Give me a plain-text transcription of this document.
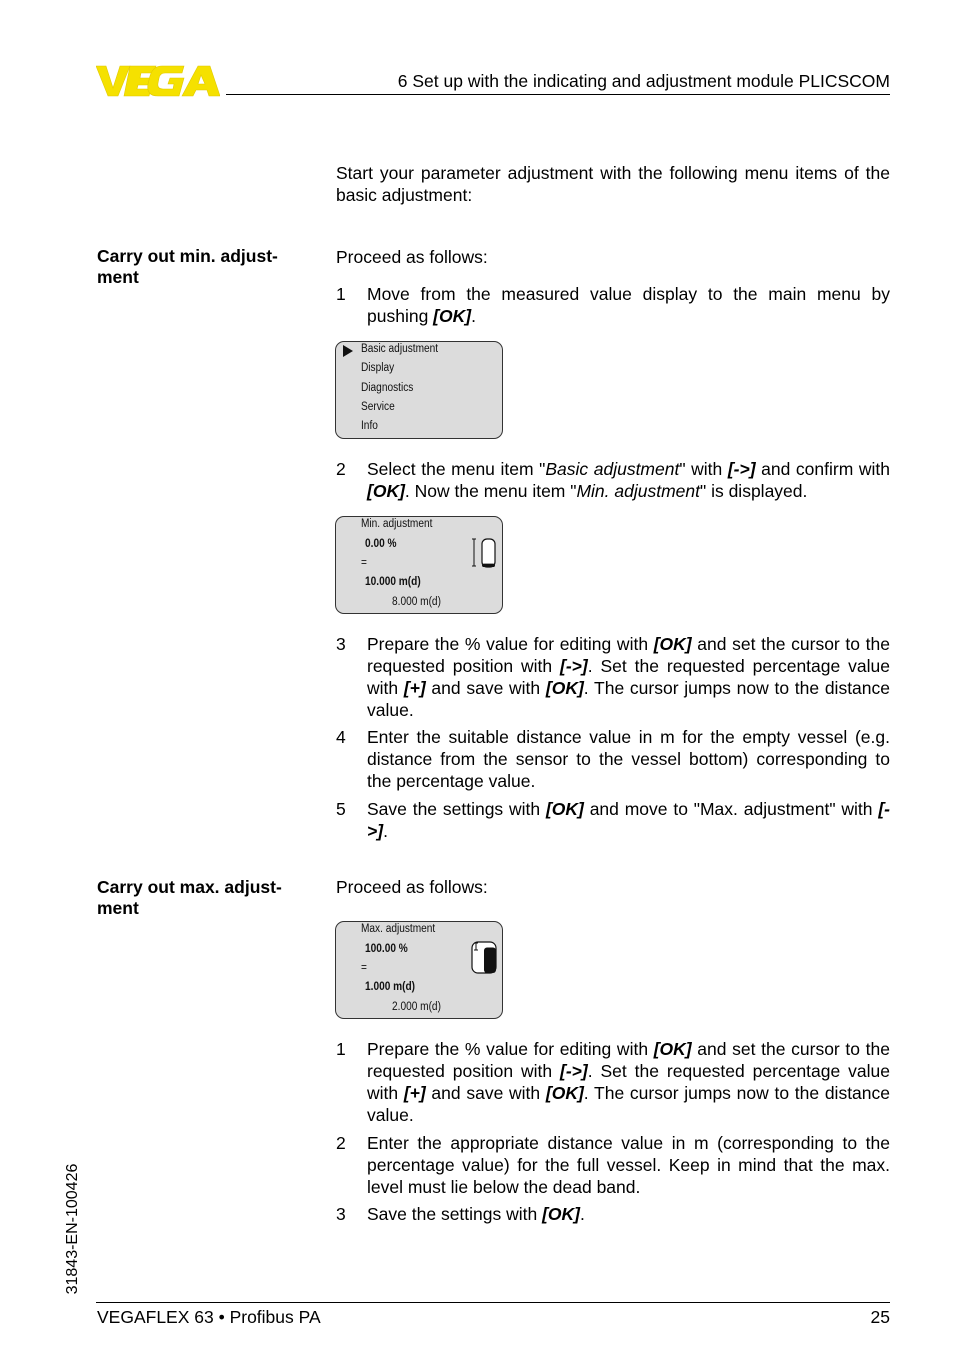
6 Set up with the indicating and adjustment module PLICSCOM
Start your parameter adjustment with the following menu items of the basic adjustment:
Carry out min. adjust-ment
Proceed as follows:
1 Move from the measured value display to the main menu by pushing [OK].
Basic adjustment
Display
Diagnostics
Service
Info
2 Select the menu item "Basic adjustment" with [->] and confirm with [OK]. Now the menu item "Min. adjustment" is displayed.
Min. adjustment
0.00 %
=
10.000 m(d)
8.000 m(d)
3 Prepare the % value for editing with [OK] and set the cursor to the requested position with [->]. Set the requested percentage value with [+] and save with [OK]. The cursor jumps now to the distance value.
4 Enter the suitable distance value in m for the empty vessel (e.g. distance from the sensor to the vessel bottom) corresponding to the percentage value.
5 Save the settings with [OK] and move to "Max. adjustment" with [->].
Carry out max. adjust-ment
Proceed as follows:
Max. adjustment
100.00 %
=
1.000 m(d)
2.000 m(d)
1 Prepare the % value for editing with [OK] and set the cursor to the requested position with [->]. Set the requested percentage value with [+] and save with [OK]. The cursor jumps now to the distance value.
2 Enter the appropriate distance value in m (corresponding to the percentage value) for the full vessel. Keep in mind that the max. level must lie below the dead band.
3 Save the settings with [OK].
31843-EN-100426
VEGAFLEX 63 • Profibus PA	25
